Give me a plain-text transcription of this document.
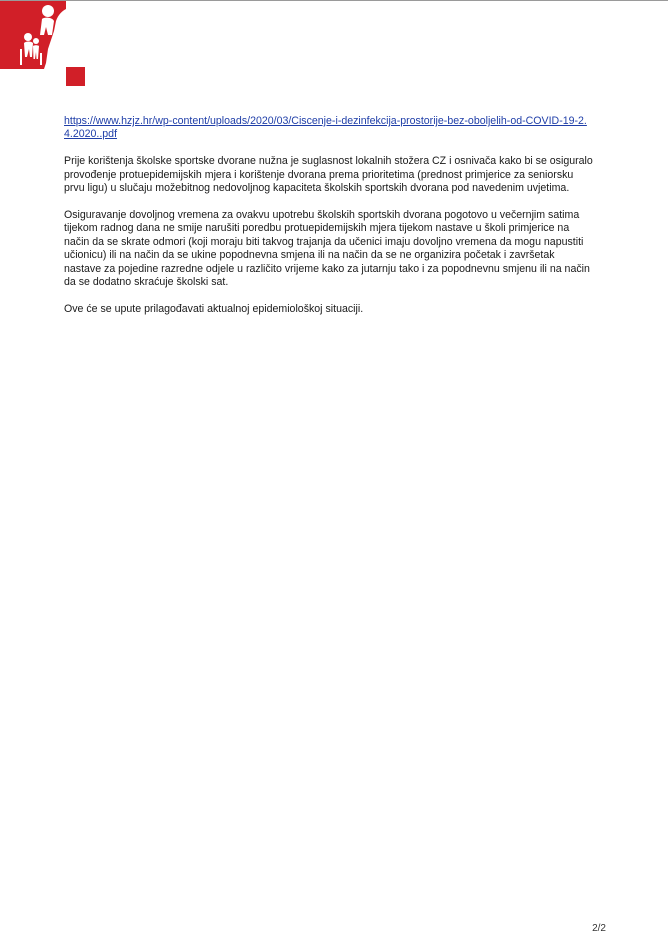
https://www.hzjz.hr/wp-content/uploads/2020/03/Ciscenje-i-dezinfekcija-prostorije-bez-oboljelih-od-COVID-19-2.4.2020..pdf

Prije korištenja školske sportske dvorane nužna je suglasnost lokalnih stožera CZ i osnivača kako bi se osiguralo provođenje protuepidemijskih mjera i korištenje dvorana prema prioritetima (prednost primjerice za seniorsku prvu ligu) u slučaju možebitnog nedovoljnog kapaciteta školskih sportskih dvorana pod navedenim uvjetima.

Osiguravanje dovoljnog vremena za ovakvu upotrebu školskih sportskih dvorana pogotovo u večernjim satima tijekom radnog dana ne smije narušiti poredbu protuepidemijskih mjera tijekom nastave u školi primjerice na način da se skrate odmori (koji moraju biti takvog trajanja da učenici imaju dovoljno vremena da mogu napustiti učionicu) ili na način da se ukine popodnevna smjena ili na način da se ne organizira početak i završetak nastave za pojedine razredne odjele u različito vrijeme kako za jutarnju tako i za popodnevnu smjenu ili na način da se dodatno skraćuje školski sat.

Ove će se upute prilagođavati aktualnoj epidemiološkoj situaciji.

2/2
